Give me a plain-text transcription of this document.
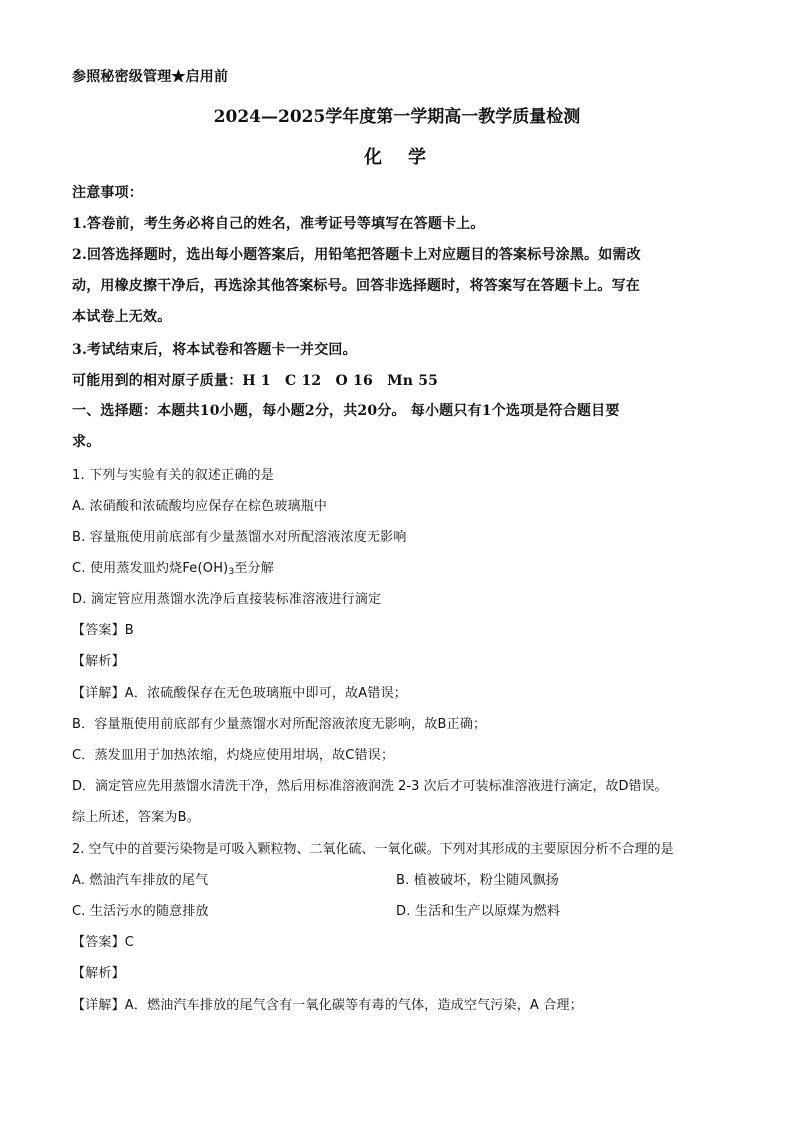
参照秘密级管理★启用前
2024—2025学年度第一学期高一教学质量检测
化　学
注意事项：
1.答卷前，考生务必将自己的姓名，准考证号等填写在答题卡上。
2.回答选择题时，选出每小题答案后，用铅笔把答题卡上对应题目的答案标号涂黑。如需改
动，用橡皮擦干净后，再选涂其他答案标号。回答非选择题时，将答案写在答题卡上。写在
本试卷上无效。
3.考试结束后，将本试卷和答题卡一并交回。
可能用到的相对原子质量：H 1　C 12　O 16　Mn 55
一、选择题：本题共10小题，每小题2分，共20分。 每小题只有1个选项是符合题目要
求。
1. 下列与实验有关的叙述正确的是
A. 浓硝酸和浓硫酸均应保存在棕色玻璃瓶中
B. 容量瓶使用前底部有少量蒸馏水对所配溶液浓度无影响
C. 使用蒸发皿灼烧$Fe(OH)_3$至分解
D. 滴定管应用蒸馏水洗净后直接装标准溶液进行滴定
【答案】B
【解析】
【详解】A．浓硫酸保存在无色玻璃瓶中即可，故A错误；
B．容量瓶使用前底部有少量蒸馏水对所配溶液浓度无影响，故B正确；
C．蒸发皿用于加热浓缩，灼烧应使用坩埚，故C错误；
D．滴定管应先用蒸馏水清洗干净，然后用标准溶液润洗 2-3 次后才可装标准溶液进行滴定，故D错误。
综上所述，答案为B。
2. 空气中的首要污染物是可吸入颗粒物、二氧化硫、一氧化碳。下列对其形成的主要原因分析不合理的是
A. 燃油汽车排放的尾气	B. 植被破坏，粉尘随风飘扬
C. 生活污水的随意排放	D. 生活和生产以原煤为燃料
【答案】C
【解析】
【详解】A．燃油汽车排放的尾气含有一氧化碳等有毒的气体，造成空气污染，A 合理；
